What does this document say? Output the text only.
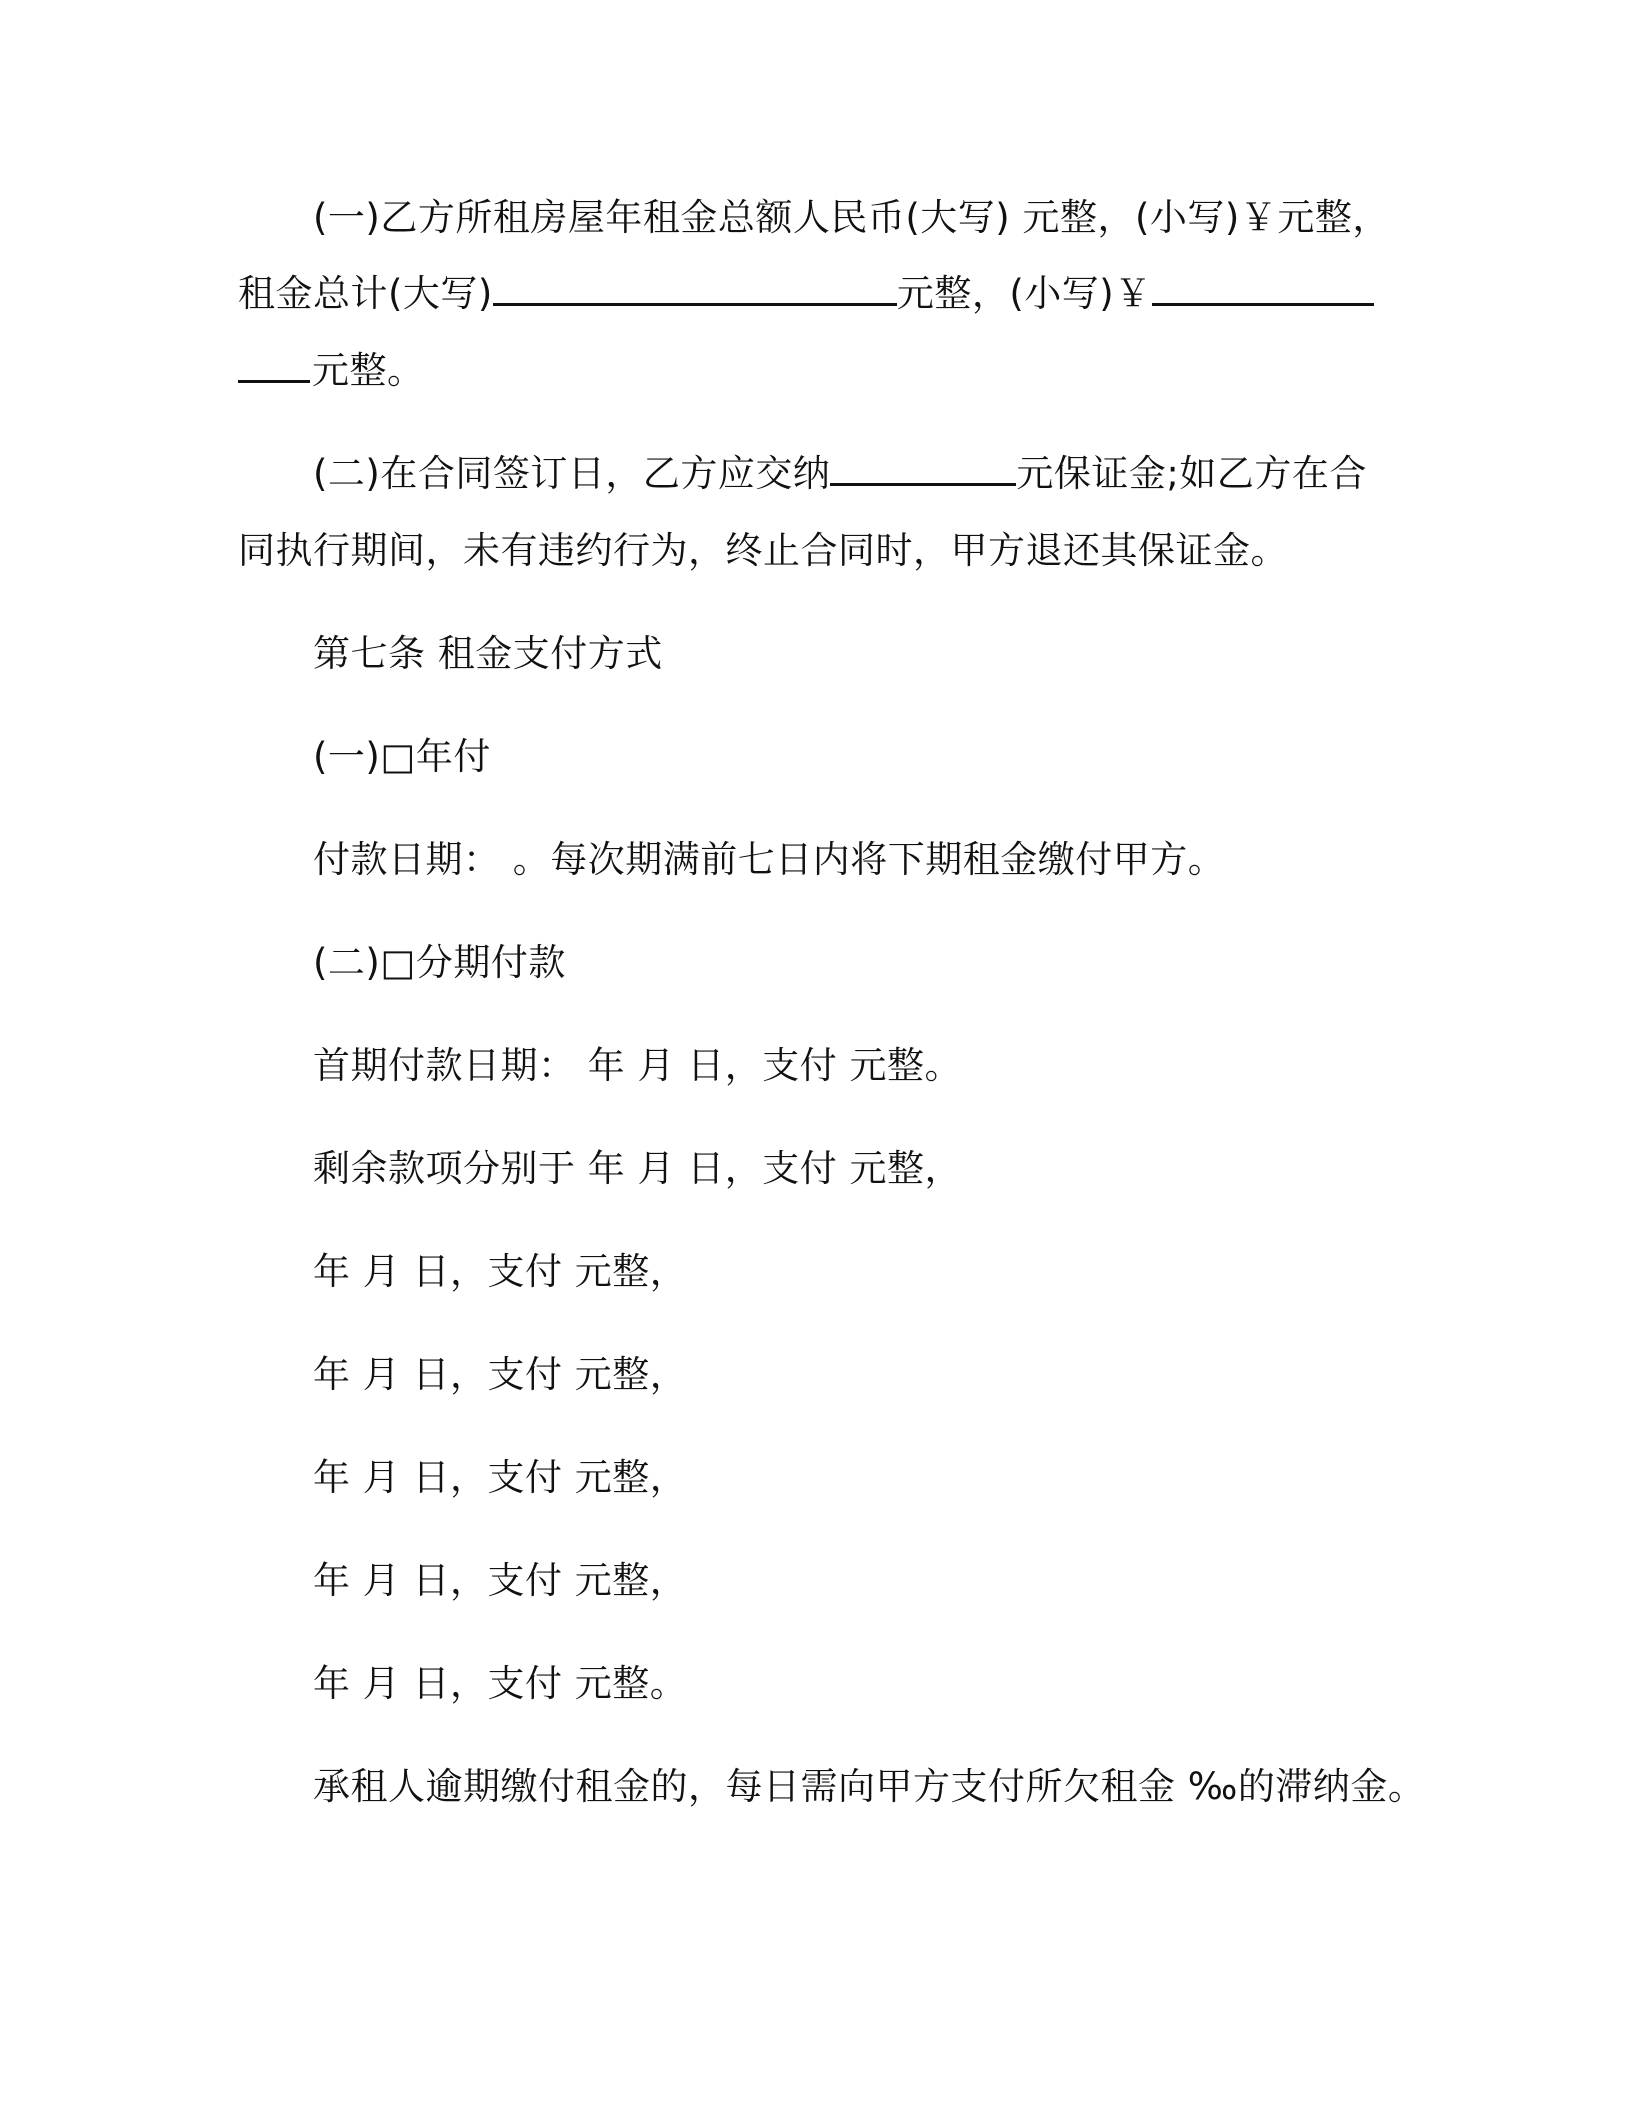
(一)乙方所租房屋年租金总额人民币(大写) 元整，(小写)￥元整，
租金总计(大写)	元整，(小写)￥
元整。
(二)在合同签订日，乙方应交纳	元保证金;如乙方在合
同执行期间，未有违约行为，终止合同时，甲方退还其保证金。
第七条 租金支付方式
(一)□年付
付款日期： 。每次期满前七日内将下期租金缴付甲方。
(二)□分期付款
首期付款日期： 年 月 日，支付 元整。
剩余款项分别于 年 月 日，支付 元整，
年 月 日，支付 元整，
年 月 日，支付 元整，
年 月 日，支付 元整，
年 月 日，支付 元整，
年 月 日，支付 元整。
承租人逾期缴付租金的，每日需向甲方支付所欠租金 ‰的滞纳金。
